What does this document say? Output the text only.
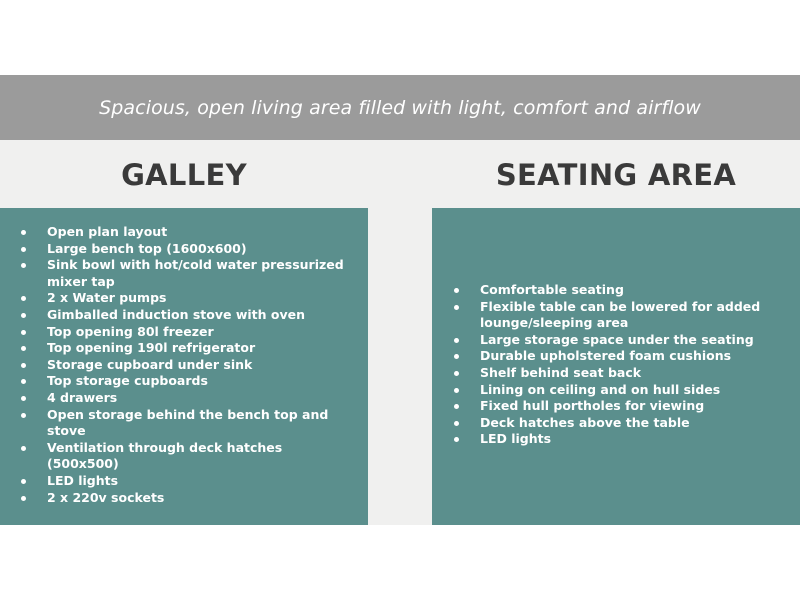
Spacious, open living area filled with light, comfort and airflow
GALLEY	SEATING AREA
Open plan layout
Large bench top (1600x600)
Sink bowl with hot/cold water pressurized mixer tap
2 x Water pumps
Gimballed induction stove with oven
Top opening 80l freezer
Top opening 190l refrigerator
Storage cupboard under sink
Top storage cupboards
4 drawers
Open storage behind the bench top and stove
Ventilation through deck hatches (500x500)
LED lights
2 x 220v sockets
Comfortable seating
Flexible table can be lowered for added lounge/sleeping area
Large storage space under the seating
Durable upholstered foam cushions
Shelf behind seat back
Lining on ceiling and on hull sides
Fixed hull portholes for viewing
Deck hatches above the table
LED lights
